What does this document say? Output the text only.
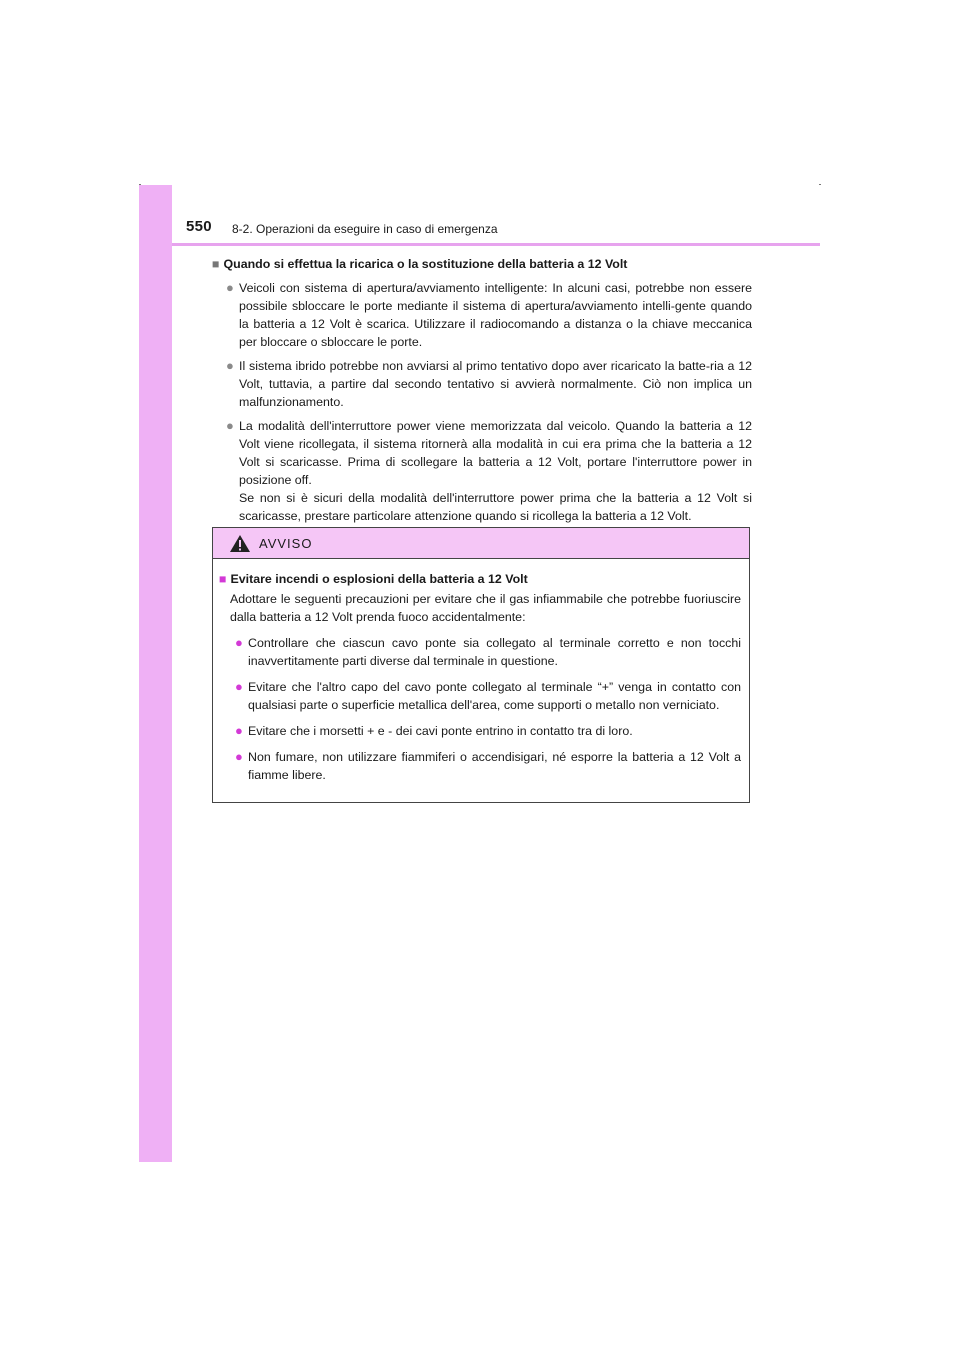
550 8-2. Operazioni da eseguire in caso di emergenza
■ Quando si effettua la ricarica o la sostituzione della batteria a 12 Volt
● Veicoli con sistema di apertura/avviamento intelligente: In alcuni casi, potrebbe non essere possibile sbloccare le porte mediante il sistema di apertura/avviamento intelli-gente quando la batteria a 12 Volt è scarica. Utilizzare il radiocomando a distanza o la chiave meccanica per bloccare o sbloccare le porte.
● Il sistema ibrido potrebbe non avviarsi al primo tentativo dopo aver ricaricato la batte-ria a 12 Volt, tuttavia, a partire dal secondo tentativo si avvierà normalmente. Ciò non implica un malfunzionamento.
● La modalità dell'interruttore power viene memorizzata dal veicolo. Quando la batteria a 12 Volt viene ricollegata, il sistema ritornerà alla modalità in cui era prima che la batteria a 12 Volt si scaricasse. Prima di scollegare la batteria a 12 Volt, portare l'interruttore power in posizione off.

Se non si è sicuri della modalità dell'interruttore power prima che la batteria a 12 Volt si scaricasse, prestare particolare attenzione quando si ricollega la batteria a 12 Volt.

AVVISO
■ Evitare incendi o esplosioni della batteria a 12 Volt
Adottare le seguenti precauzioni per evitare che il gas infiammabile che potrebbe fuoriuscire dalla batteria a 12 Volt prenda fuoco accidentalmente:
● Controllare che ciascun cavo ponte sia collegato al terminale corretto e non tocchi inavvertitamente parti diverse dal terminale in questione.
● Evitare che l'altro capo del cavo ponte collegato al terminale “+” venga in contatto con qualsiasi parte o superficie metallica dell'area, come supporti o metallo non verniciato.
● Evitare che i morsetti + e - dei cavi ponte entrino in contatto tra di loro.
● Non fumare, non utilizzare fiammiferi o accendisigari, né esporre la batteria a 12 Volt a fiamme libere.
